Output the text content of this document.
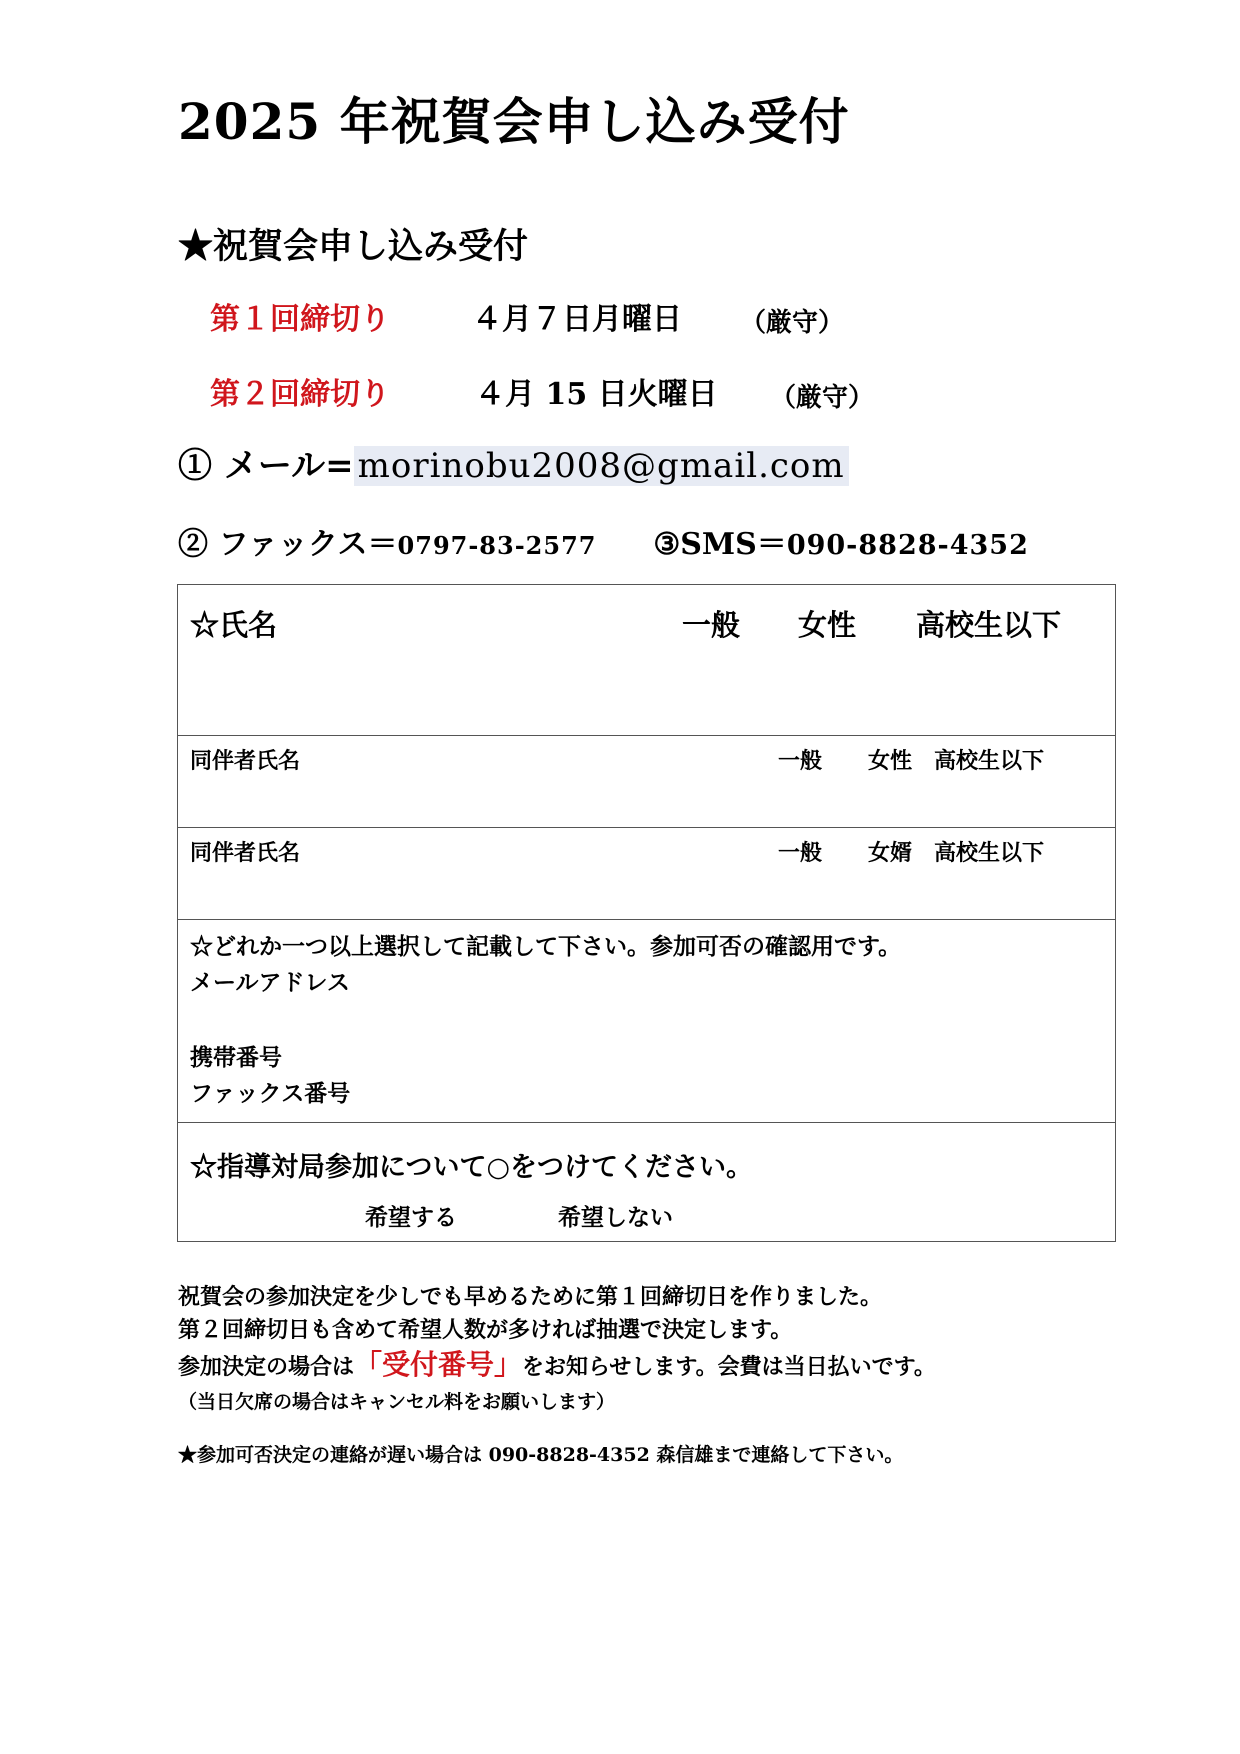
2025 年祝賀会申し込み受付
★祝賀会申し込み受付
第１回締切り	４月７日月曜日 （厳守）
第２回締切り	４月 15 日火曜日 （厳守）
① メール= morinobu2008@gmail.com
② ファックス＝0797-83-2577 ③SMS＝090-8828-4352
☆氏名	一般 女性 高校生以下
同伴者氏名	一般 女性 高校生以下
同伴者氏名	一般 女婿 高校生以下
☆どれか一つ以上選択して記載して下さい。参加可否の確認用です。
メールアドレス
携帯番号
ファックス番号
☆指導対局参加について○をつけてください。
希望する	希望しない
祝賀会の参加決定を少しでも早めるために第１回締切日を作りました。
第２回締切日も含めて希望人数が多ければ抽選で決定します。
参加決定の場合は「受付番号」をお知らせします。会費は当日払いです。
（当日欠席の場合はキャンセル料をお願いします）
★参加可否決定の連絡が遅い場合は 090-8828-4352 森信雄まで連絡して下さい。
